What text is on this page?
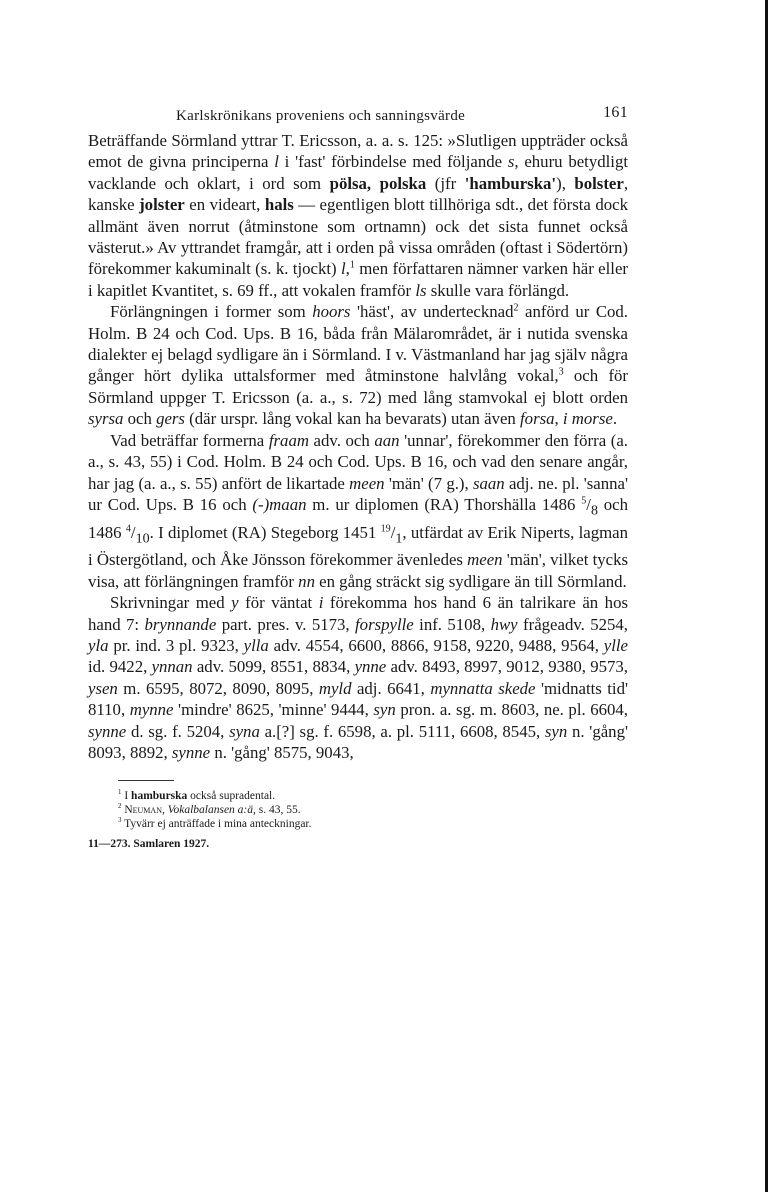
Karlskrönikans proveniens och sanningsvärde	161

Beträffande Sörmland yttrar T. Ericsson, a. a. s. 125: »Slutligen uppträder också emot de givna principerna l i 'fast' förbindelse med följande s, ehuru betydligt vacklande och oklart, i ord som pölsa, polska (jfr 'hamburska'), bolster, kanske jolster en videart, hals — egentligen blott tillhöriga sdt., det första dock allmänt även norrut (åtminstone som ortnamn) ock det sista funnet också västerut.» Av yttrandet framgår, att i orden på vissa områden (oftast i Södertörn) förekommer kakuminalt (s. k. tjockt) l,$^1$ men författaren nämner varken här eller i kapitlet Kvantitet, s. 69 ff., att vokalen framför ls skulle vara förlängd.

Förlängningen i former som hoors 'häst', av undertecknad$^2$ anförd ur Cod. Holm. B 24 och Cod. Ups. B 16, båda från Mälarområdet, är i nutida svenska dialekter ej belagd sydligare än i Sörmland. I v. Västmanland har jag själv några gånger hört dylika uttalsformer med åtminstone halvlång vokal,$^3$ och för Sörmland uppger T. Ericsson (a. a., s. 72) med lång stamvokal ej blott orden syrsa och gers (där urspr. lång vokal kan ha bevarats) utan även forsa, i morse.

Vad beträffar formerna fraam adv. och aan 'unnar', förekommer den förra (a. a., s. 43, 55) i Cod. Holm. B 24 och Cod. Ups. B 16, och vad den senare angår, har jag (a. a., s. 55) anfört de likartade meen 'män' (7 g.), saan adj. ne. pl. 'sanna' ur Cod. Ups. B 16 och (-)maan m. ur diplomen (RA) Thorshälla 1486 $^5/_8$ och 1486 $^4/_{10}$. I diplomet (RA) Stegeborg 1451 $^{19}/_1$, utfärdat av Erik Niperts, lagman i Östergötland, och Åke Jönsson förekommer ävenledes meen 'män', vilket tycks visa, att förlängningen framför nn en gång sträckt sig sydligare än till Sörmland.

Skrivningar med y för väntat i förekomma hos hand 6 än talrikare än hos hand 7: brynnande part. pres. v. 5173, forspylle inf. 5108, hwy frågeadv. 5254, yla pr. ind. 3 pl. 9323, ylla adv. 4554, 6600, 8866, 9158, 9220, 9488, 9564, ylle id. 9422, ynnan adv. 5099, 8551, 8834, ynne adv. 8493, 8997, 9012, 9380, 9573, ysen m. 6595, 8072, 8090, 8095, myld adj. 6641, mynnatta skede 'midnatts tid' 8110, mynne 'mindre' 8625, 'minne' 9444, syn pron. a. sg. m. 8603, ne. pl. 6604, synne d. sg. f. 5204, syna a.[?] sg. f. 6598, a. pl. 5111, 6608, 8545, syn n. 'gång' 8093, 8892, synne n. 'gång' 8575, 9043,

$^1$ I hamburska också supradental.
$^2$ Neuman, Vokalbalansen a:ä, s. 43, 55.
$^3$ Tyvärr ej anträffade i mina anteckningar.
11—273. Samlaren 1927.
